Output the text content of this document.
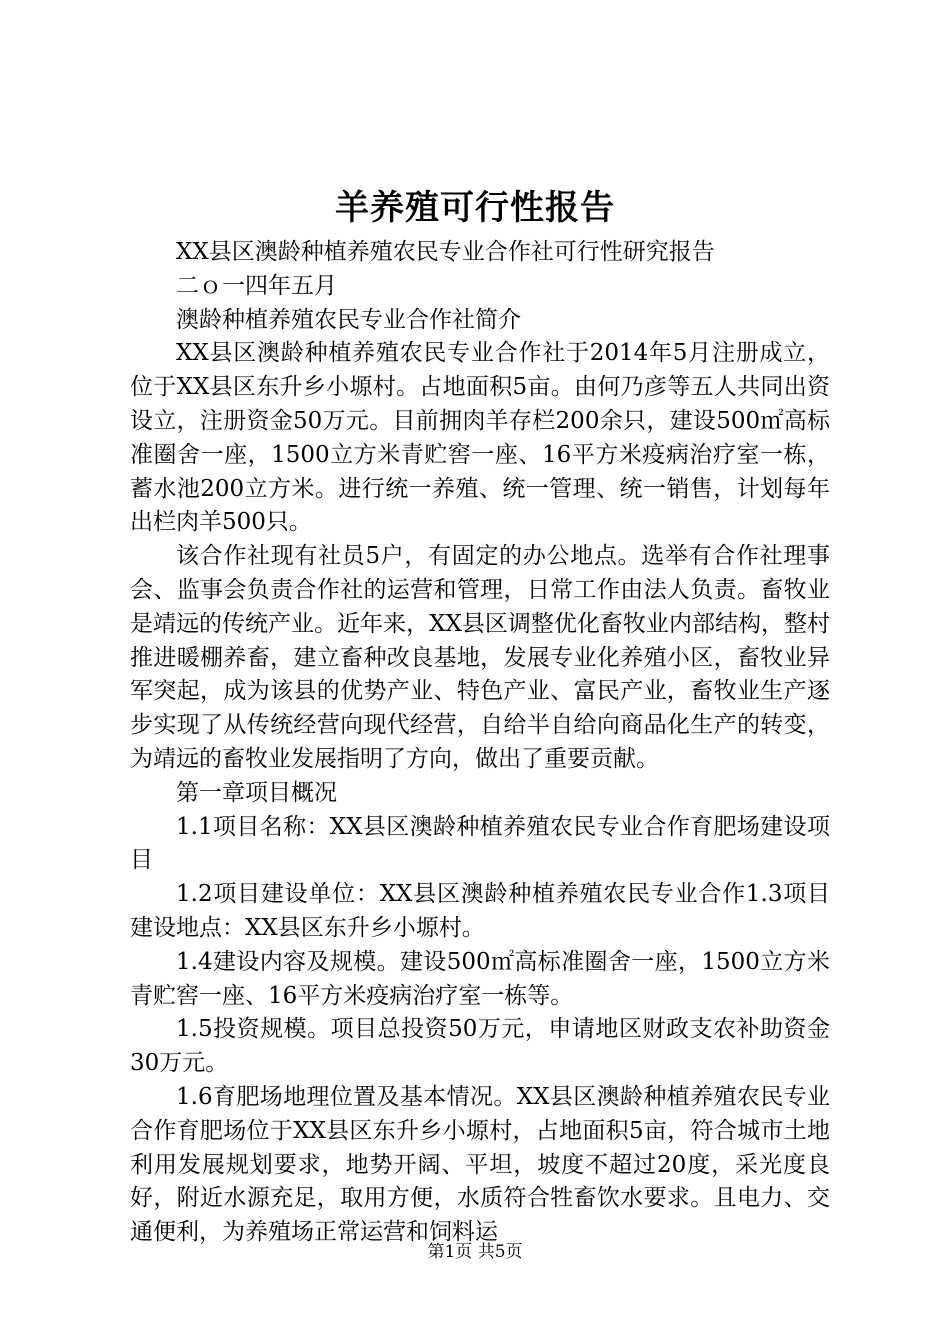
羊养殖可行性报告

XX县区澳龄种植养殖农民专业合作社可行性研究报告

二ｏ一四年五月

澳龄种植养殖农民专业合作社简介

XX县区澳龄种植养殖农民专业合作社于2014年5月注册成立，位于XX县区东升乡小塬村。占地面积5亩。由何乃彦等五人共同出资设立，注册资金50万元。目前拥肉羊存栏200余只，建设500㎡高标准圈舍一座，1500立方米青贮窖一座、16平方米疫病治疗室一栋，蓄水池200立方米。进行统一养殖、统一管理、统一销售，计划每年出栏肉羊500只。

该合作社现有社员5户，有固定的办公地点。选举有合作社理事会、监事会负责合作社的运营和管理，日常工作由法人负责。畜牧业是靖远的传统产业。近年来，XX县区调整优化畜牧业内部结构，整村推进暖棚养畜，建立畜种改良基地，发展专业化养殖小区，畜牧业异军突起，成为该县的优势产业、特色产业、富民产业，畜牧业生产逐步实现了从传统经营向现代经营，自给半自给向商品化生产的转变，为靖远的畜牧业发展指明了方向，做出了重要贡献。

第一章项目概况

1.1项目名称：XX县区澳龄种植养殖农民专业合作育肥场建设项目

1.2项目建设单位：XX县区澳龄种植养殖农民专业合作1.3项目建设地点：XX县区东升乡小塬村。

1.4建设内容及规模。建设500㎡高标准圈舍一座，1500立方米青贮窖一座、16平方米疫病治疗室一栋等。

1.5投资规模。项目总投资50万元，申请地区财政支农补助资金30万元。

1.6育肥场地理位置及基本情况。XX县区澳龄种植养殖农民专业合作育肥场位于XX县区东升乡小塬村，占地面积5亩，符合城市土地利用发展规划要求，地势开阔、平坦，坡度不超过20度，采光度良好，附近水源充足，取用方便，水质符合牲畜饮水要求。且电力、交通便利，为养殖场正常运营和饲料运

第1页 共5页
